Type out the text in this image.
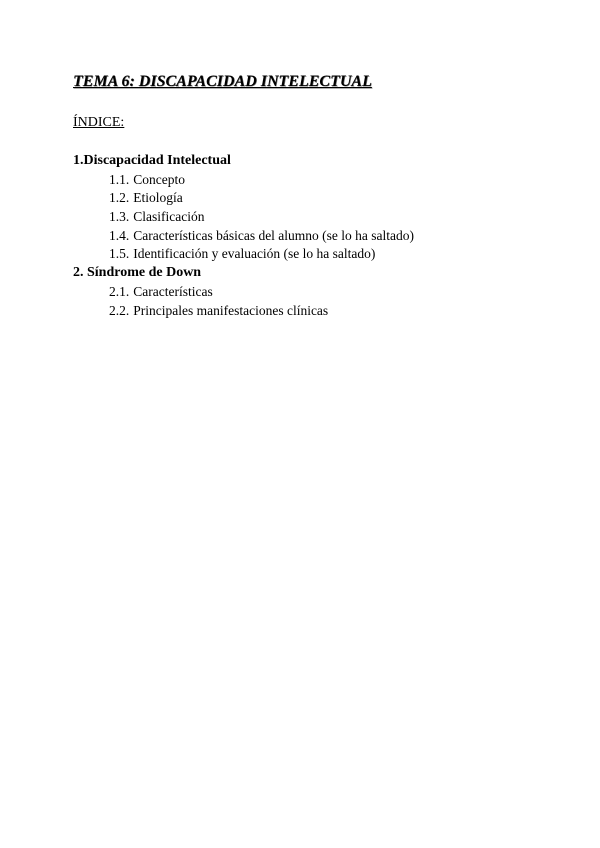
TEMA 6: DISCAPACIDAD INTELECTUAL
ÍNDICE:
1.Discapacidad Intelectual
1.1. Concepto
1.2. Etiología
1.3. Clasificación
1.4. Características básicas del alumno (se lo ha saltado)
1.5. Identificación y evaluación (se lo ha saltado)
2. Síndrome de Down
2.1. Características
2.2. Principales manifestaciones clínicas
